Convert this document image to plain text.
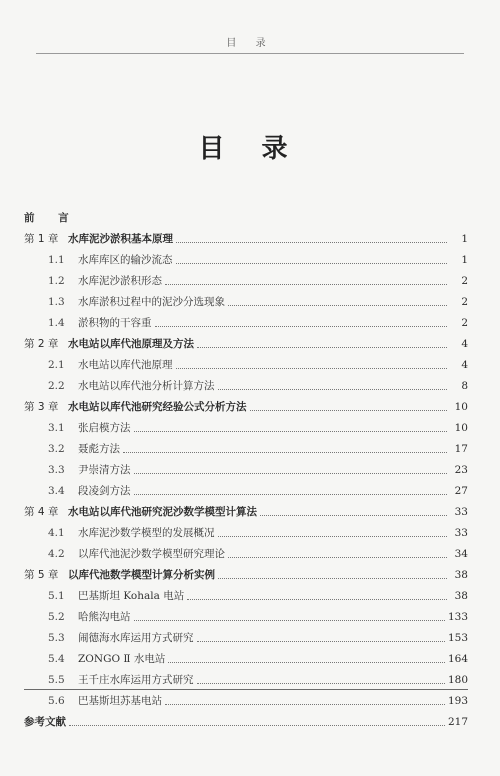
目 录
目 录
前 言
第 1 章 水库泥沙淤积基本原理	1
1.1	水库库区的输沙流态	1
1.2	水库泥沙淤积形态	2
1.3	水库淤积过程中的泥沙分选现象	2
1.4	淤积物的干容重	2
第 2 章 水电站以库代池原理及方法	4
2.1	水电站以库代池原理	4
2.2	水电站以库代池分析计算方法	8
第 3 章 水电站以库代池研究经验公式分析方法	10
3.1	张启模方法	10
3.2	聂彪方法	17
3.3	尹崇清方法	23
3.4	段凌剑方法	27
第 4 章 水电站以库代池研究泥沙数学模型计算法	33
4.1	水库泥沙数学模型的发展概况	33
4.2	以库代池泥沙数学模型研究理论	34
第 5 章 以库代池数学模型计算分析实例	38
5.1	巴基斯坦 Kohala 电站	38
5.2	哈熊沟电站	133
5.3	闹德海水库运用方式研究	153
5.4	ZONGO Ⅱ 水电站	164
5.5	王千庄水库运用方式研究	180
5.6	巴基斯坦苏基电站	193
参考文献	217
